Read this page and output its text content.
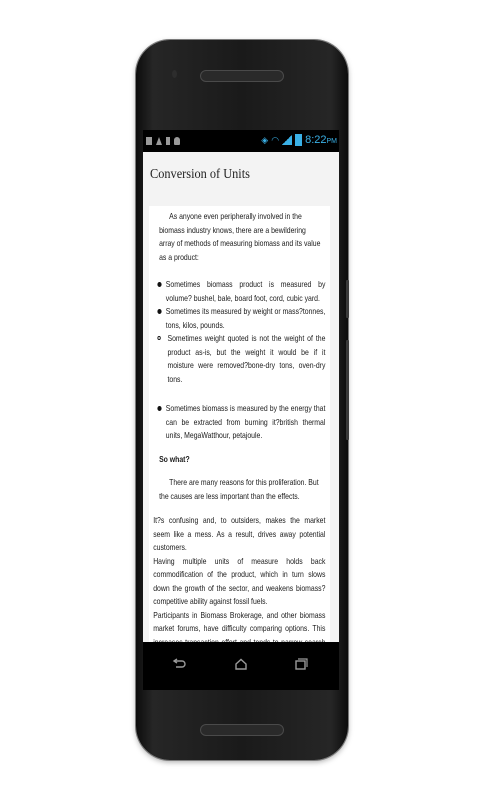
◈ ◠ 8:22PM
Conversion of Units

As anyone even peripherally involved in the biomass industry knows, there are a bewildering array of methods of measuring biomass and its value as a product:

Sometimes biomass product is measured by volume? bushel, bale, board foot, cord, cubic yard.
Sometimes its measured by weight or mass?tonnes, tons, kilos, pounds.
Sometimes weight quoted is not the weight of the product as-is, but the weight it would be if it moisture were removed?bone-dry tons, oven-dry tons.
Sometimes biomass is measured by the energy that can be extracted from burning it?british thermal units, MegaWatthour, petajoule.

So what?

There are many reasons for this proliferation. But the causes are less important than the effects.

It?s confusing and, to outsiders, makes the market seem like a mess. As a result, drives away potential customers.

Having multiple units of measure holds back commodification of the product, which in turn slows down the growth of the sector, and weakens biomass? competitive ability against fossil fuels.

Participants in Biomass Brokerage, and other biomass market forums, have difficulty comparing options. This
